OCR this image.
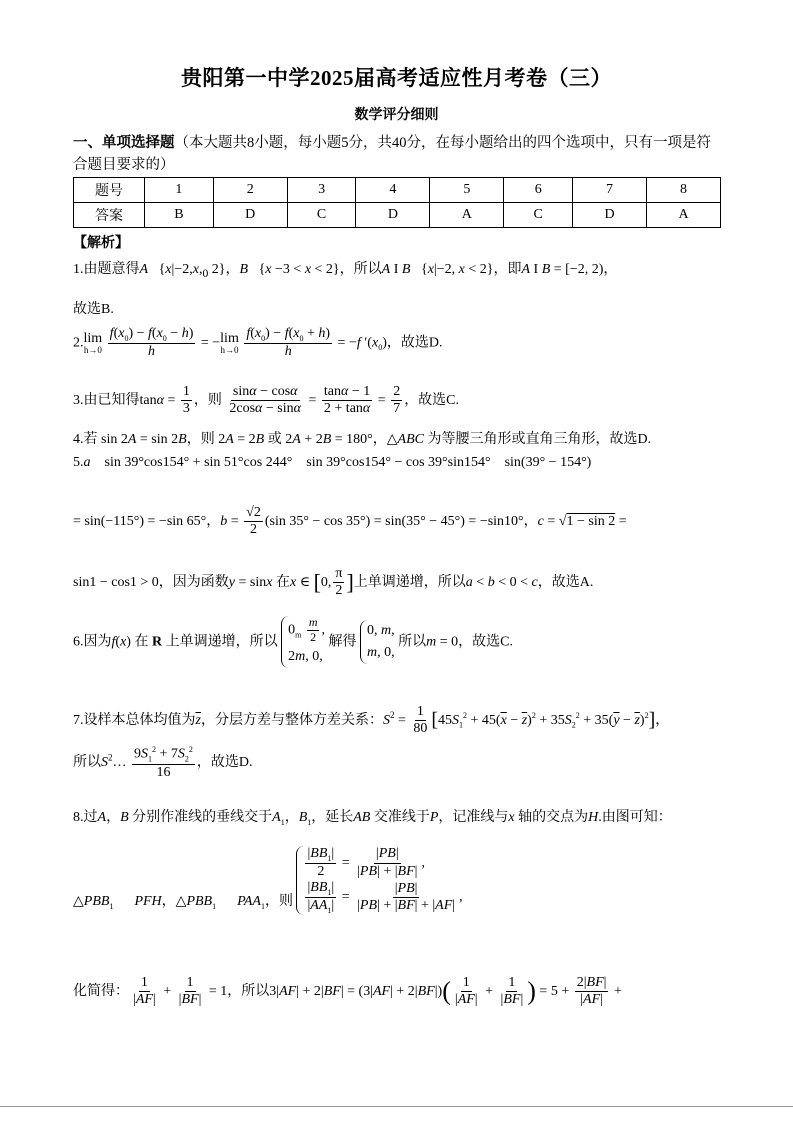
贵阳第一中学2025届高考适应性月考卷（三）
数学评分细则
一、单项选择题（本大题共8小题，每小题5分，共40分，在每小题给出的四个选项中，只有一项是符合题目要求的）
题号	1	2	3	4	5	6	7	8
答案	B	D	C	D	A	C	D	A
【解析】
1.由题意得A   {$x|-2,x,_0$ 2}，B   {x −3 < x < 2}，所以A I B   {x|−2, x < 2}，即A I B = [−2, 2)，
故选B.
2.lim
h→0
$\frac{f(x_0) - f(x_0 - h)}{h} = -\lim$
h→0
$\frac{f(x_0) - f(x_0 + h)}{h} = -f$ $'(x_0)$，故选D.
3.由已知得$\tan\alpha = \frac{1}{3}$ ，则 $\frac{\sin\alpha - \cos\alpha}{2\cos\alpha - \sin\alpha} = \frac{\tan\alpha - 1}{2 + \tan\alpha} = \frac{2}{7}$ ，故选C.
4.若 sin 2A = sin 2B，则 2A = 2B 或 2A + 2B = 180°，△ABC 为等腰三角形或直角三角形，故选D.
5.a    sin 39°cos154° + sin 51°cos 244°    sin 39°cos154° − cos 39°sin154°    sin(39° − 154°)
= sin(−115°) = −sin 65°，$b = \frac{√2}{2} (\sin$ 35° − cos 35°) = sin(35° − 45°) = −sin10°，c = √1 − sin 2 =
sin1 − cos1 > 0，因为函数y = sinx 在x ∈ [0, $\frac{\pi}{2}$ ]上单调递增，所以a < b < 0 < c，故选A.
6.因为f(x) 在 R 上单调递增，所以 $0_m \frac{m}{2}$ ,
2m, 0, 解得 0, m,
m, 0, 所以m = 0，故选C.
7.设样本总体均值为$\overline{z}$，分层方差与整体方差关系：$S^2 = \frac{1}{80} [45S_1^2 + 45(\overline{x} - \overline{z})^2 + 35S_2^2 + 35(\overline{y} - \overline{z})^2]$，
所以$S^2\dots \frac{9S_1^2 + 7S_2^2}{16}$ ，故选D.
8.过A，B 分别作准线的垂线交于$A_1$，$B_1$，延长AB 交准线于P，记准线与x 轴的交点为H.由图可知：
$\triangle PBB_1$ PFH，$\triangle PBB_1$ $PAA_1$，则
$\frac{|BB_1|}{2} = \frac{|PB|}{|PB| + |BF|}$ ,

$\frac{|BB_1|}{|AA_1|} = \frac{|PB|}{|PB| + |BF| + |AF|}$ ,
化简得： $\frac{1}{|AF|} + \frac{1}{|BF|} = 1$，所以$3|AF| + 2|BF| = (3|AF| + 2|BF|)( \frac{1}{|AF|} + \frac{1}{|BF|}$ ) = $5 + \frac{2|BF|}{|AF|}$ +
